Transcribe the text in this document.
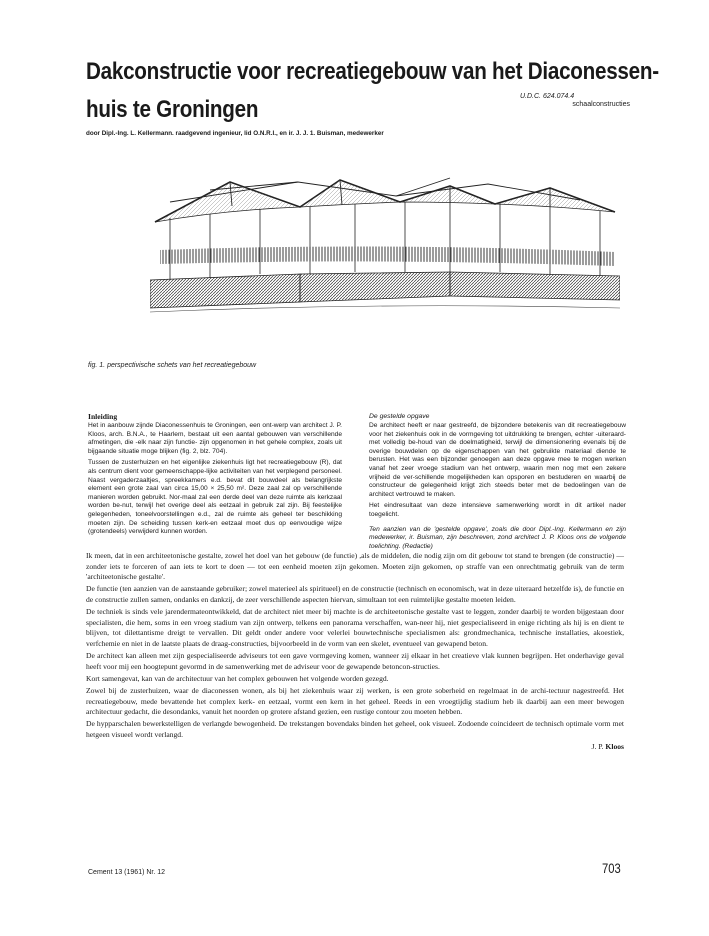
Dakconstructie voor recreatiegebouw van het Diaconessen-
huis te Groningen	U.D.C. 624.074.4
schaalconstructies
door Dipl.-Ing. L. Kellermann. raadgevend ingenieur, lid O.N.R.I., en ir. J. J. 1. Buisman, medewerker
fig. 1. perspectivische schets van het recreatiegebouw
Inleiding

Het in aanbouw zijnde Diaconessenhuis te Groningen, een ont-werp van architect J. P. Kloos, arch. B.N.A., te Haarlem, bestaat uit een aantal gebouwen van verschillende afmetingen, die -elk naar zijn functie- zijn opgenomen in het gehele complex, zoals uit bijgaande situatie moge blijken (fig. 2, blz. 704).

Tussen de zusterhuizen en het eigenlijke ziekenhuis ligt het recreatiegebouw (R), dat als centrum dient voor gemeenschappe-lijke activiteiten van het verplegend personeel. Naast vergaderzaaltjes, spreekkamers e.d. bevat dit bouwdeel als belangrijkste element een grote zaal van circa 15,00 × 25,50 m². Deze zaal zal op verschillende manieren worden gebruikt. Nor-maal zal een derde deel van deze ruimte als kerkzaal worden be-nut, terwijl het overige deel als eetzaal in gebruik zal zijn. Bij feestelijke gelegenheden, toneelvoorstellingen e.d., zal de ruimte als geheel ter beschikking moeten zijn. De scheiding tussen kerk-en eetzaal moet dus op eenvoudige wijze (grotendeels) verwijderd kunnen worden.

De gestelde opgave

De architect heeft er naar gestreefd, de bijzondere betekenis van dit recreatiegebouw voor het ziekenhuis ook in de vormgeving tot uitdrukking te brengen, echter -uiteraard- met volledig be-houd van de doelmatigheid, terwijl de dimensionering evenals bij de overige bouwdelen op de eigenschappen van het gebruikte materiaal diende te berusten. Het was een bijzonder genoegen aan deze opgave mee te mogen werken vanaf het zeer vroege stadium van het ontwerp, waarin men nog met een zekere vrijheid de ver-schillende mogelijkheden kan opsporen en bestuderen en waarbij de constructeur de gelegenheid krijgt zich steeds beter met de bedoelingen van de architect vertrouwd te maken.

Het eindresultaat van deze intensieve samenwerking wordt in dit artikel nader toegelicht.

Ten aanzien van de 'gestelde opgave', zoals die door Dipl.-Ing. Kellermann en zijn medewerker, ir. Buisman, zijn beschreven, zond architect J. P. Kloos ons de volgende toelichting. (Redactie)

Ik meen, dat in een architeetonische gestalte, zowel het doel van het gebouw (de functie) ,als de middelen, die nodig zijn om dit gebouw tot stand te brengen (de constructie) — zonder iets te forceren of aan iets te kort te doen — tot een eenheid moeten zijn gekomen. Moeten zijn gekomen, op straffe van een onrechtmatig gebruik van de term 'architeetonische gestalte'.

De functie (ten aanzien van de aanstaande gebruiker; zowel materieel als spiritueel) en de constructie (technisch en economisch, wat in deze uiteraard hetzelfde is), de functie en de constructie zullen samen, ondanks en dankzij, de zeer verschillende aspecten hiervan, simultaan tot een ruimtelijke gestalte moeten leiden.

De techniek is sinds vele jarendermateontwikkeld, dat de architect niet meer bij machte is de architeetonische gestalte vast te leggen, zonder daarbij te worden bijgestaan door specialisten, die hem, soms in een vroeg stadium van zijn ontwerp, telkens een panorama verschaffen, wan-neer hij, niet gespecialiseerd in enige richting als hij is en dient te blijven, tot dilettantisme dreigt te vervallen. Dit geldt onder andere voor velerlei bouwtechnische specialismen als: grondmechanica, technische installaties, akoestiek, verfchemie en niet in de laatste plaats de draag-constructies, bijvoorbeeld in de vorm van een skelet, eventueel van gewapend beton.

De architect kan alleen met zijn gespecialiseerde adviseurs tot een gave vormgeving komen, wanneer zij elkaar in het creatieve vlak kunnen begrijpen. Het onderhavige geval heeft voor mij een hoogtepunt gevormd in de samenwerking met de adviseur voor de gewapende betoncon-structies.

Kort samengevat, kan van de architectuur van het complex gebouwen het volgende worden gezegd.

Zowel bij de zusterhuizen, waar de diaconessen wonen, als bij het ziekenhuis waar zij werken, is een grote soberheid en regelmaat in de archi-tectuur nagestreefd. Het recreatiegebouw, mede bevattende het complex kerk- en eetzaal, vormt een kern in het geheel. Reeds in een vroegtijdig stadium heb ik daarbij aan een meer bewogen architectuur gedacht, die desondanks, vanuit het noorden op grotere afstand gezien, een rustige contour zou moeten hebben.

De hypparschalen bewerkstelligen de verlangde bewogenheid. De trekstangen bovendaks binden het geheel, ook visueel. Zodoende coincideert de technisch optimale vorm met hetgeen visueel wordt verlangd.

J. P. Kloos
Cement 13 (1961) Nr. 12	703
